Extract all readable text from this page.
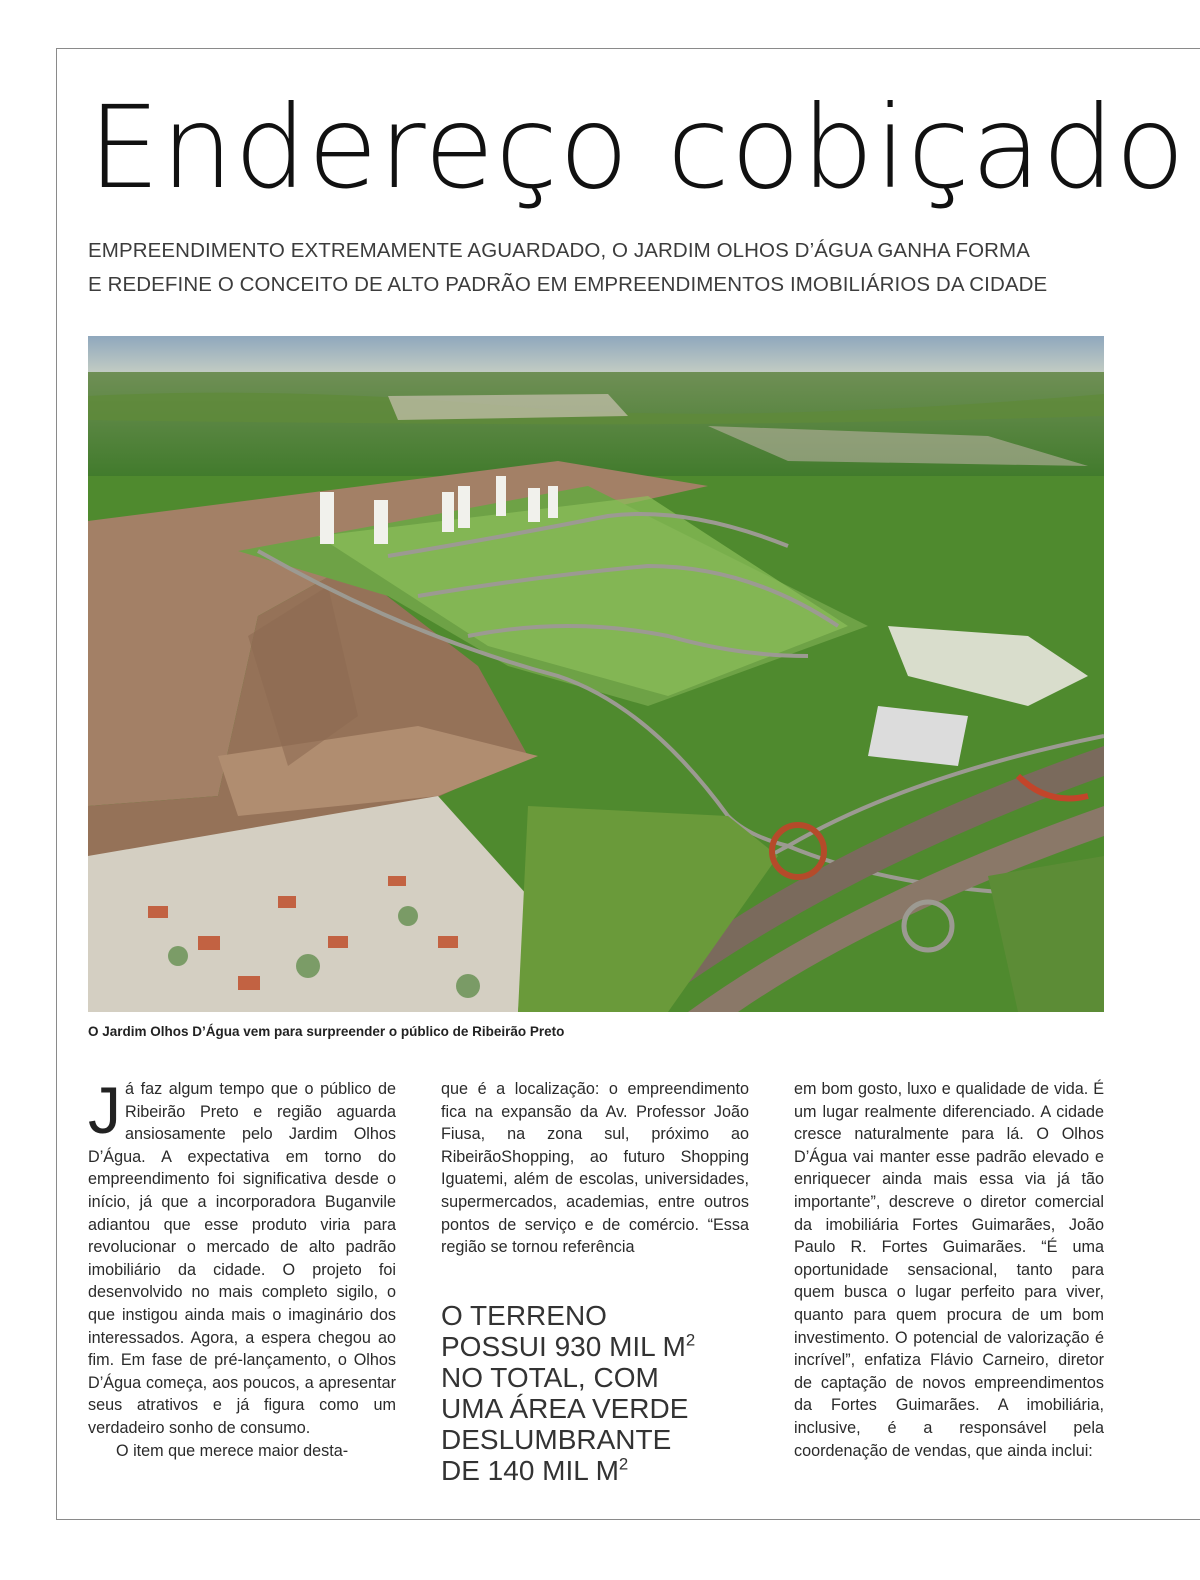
Endereço cobiçado
EMPREENDIMENTO EXTREMAMENTE AGUARDADO, O JARDIM OLHOS D’ÁGUA GANHA FORMA
E REDEFINE O CONCEITO DE ALTO PADRÃO EM EMPREENDIMENTOS IMOBILIÁRIOS DA CIDADE

O Jardim Olhos D’Água vem para surpreender o público de Ribeirão Preto

Já faz algum tempo que o público de Ribeirão Preto e região aguarda ansiosamente pelo Jardim Olhos D’Água. A expectativa em torno do empreendimento foi significativa desde o início, já que a incorporadora Buganvile adiantou que esse produto viria para revolucionar o mercado de alto padrão imobiliário da cidade. O projeto foi desenvolvido no mais completo sigilo, o que instigou ainda mais o imaginário dos interessados. Agora, a espera chegou ao fim. Em fase de pré-lançamento, o Olhos D’Água começa, aos poucos, a apresentar seus atrativos e já figura como um verdadeiro sonho de consumo.

O item que merece maior desta-

que é a localização: o empreendimento fica na expansão da Av. Professor João Fiusa, na zona sul, próximo ao RibeirãoShopping, ao futuro Shopping Iguatemi, além de escolas, universidades, supermercados, academias, entre outros pontos de serviço e de comércio. “Essa região se tornou referência

O TERRENO
POSSUI 930 MIL $M^2$
NO TOTAL, COM
UMA ÁREA VERDE
DESLUMBRANTE
DE 140 MIL $M^2$

em bom gosto, luxo e qualidade de vida. É um lugar realmente diferenciado. A cidade cresce naturalmente para lá. O Olhos D’Água vai manter esse padrão elevado e enriquecer ainda mais essa via já tão importante”, descreve o diretor comercial da imobiliária Fortes Guimarães, João Paulo R. Fortes Guimarães. “É uma oportunidade sensacional, tanto para quem busca o lugar perfeito para viver, quanto para quem procura de um bom investimento. O potencial de valorização é incrível”, enfatiza Flávio Carneiro, diretor de captação de novos empreendimentos da Fortes Guimarães. A imobiliária, inclusive, é a responsável pela coordenação de vendas, que ainda inclui:
